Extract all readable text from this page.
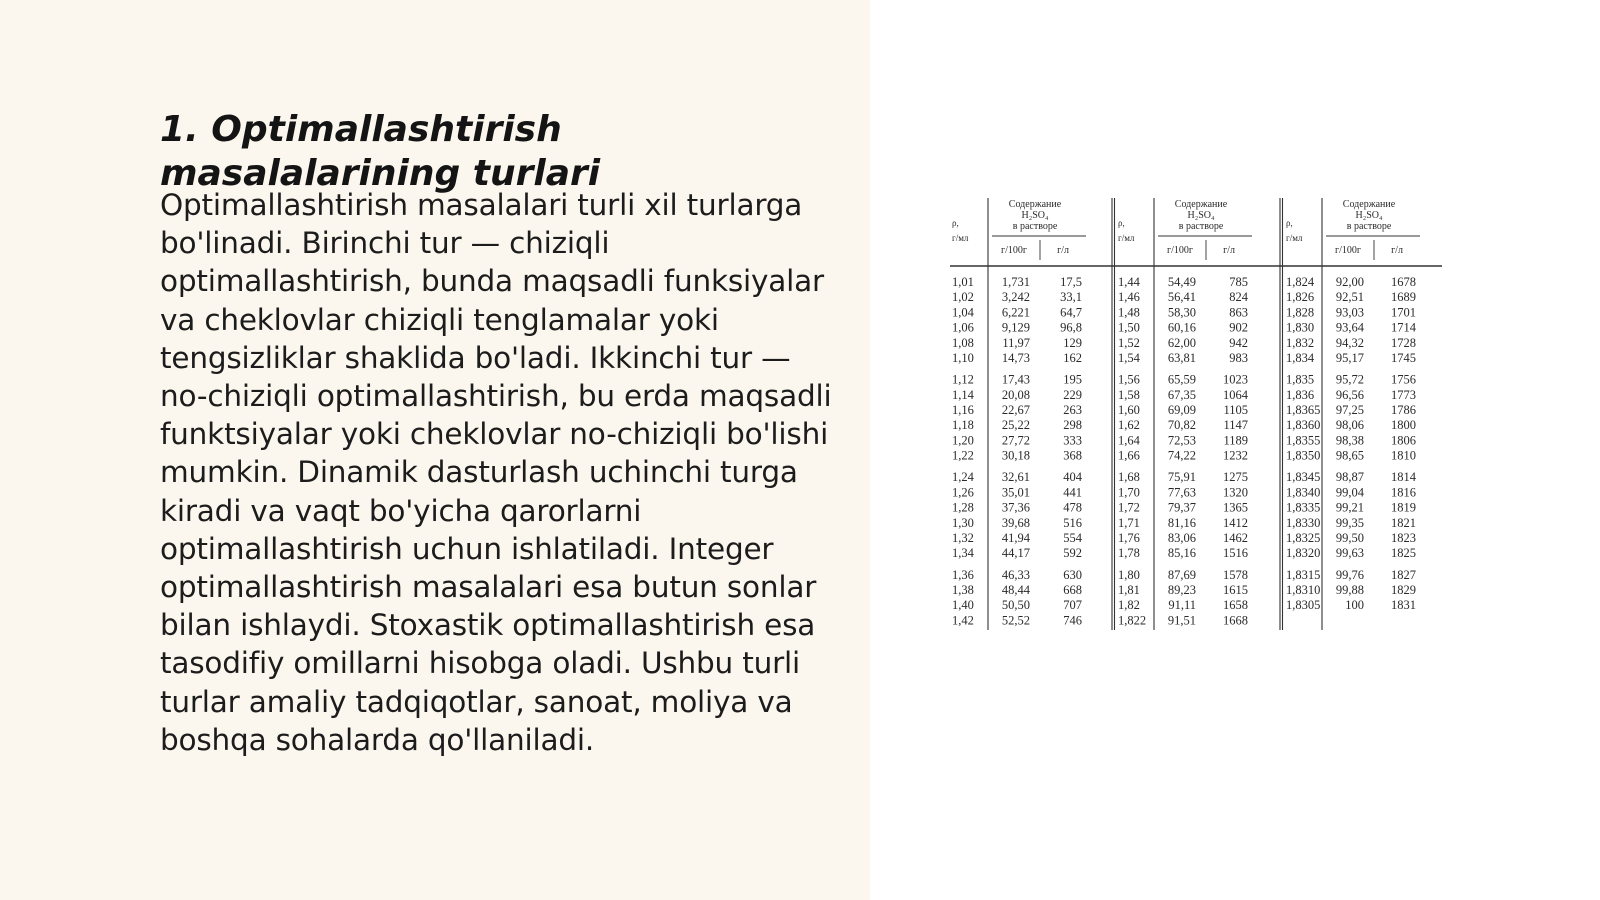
1. Optimallashtirish masalalarining turlari

Optimallashtirish masalalari turli xil turlarga bo'linadi. Birinchi tur — chiziqli optimallashtirish, bunda maqsadli funksiyalar va cheklovlar chiziqli tenglamalar yoki tengsizliklar shaklida bo'ladi. Ikkinchi tur — no-chiziqli optimallashtirish, bu erda maqsadli funktsiyalar yoki cheklovlar no-chiziqli bo'lishi mumkin. Dinamik dasturlash uchinchi turga kiradi va vaqt bo'yicha qarorlarni optimallashtirish uchun ishlatiladi. Integer optimallashtirish masalalari esa butun sonlar bilan ishlaydi. Stoxastik optimallashtirish esa tasodifiy omillarni hisobga oladi. Ushbu turli turlar amaliy tadqiqotlar, sanoat, moliya va boshqa sohalarda qo'llaniladi.

ρ,
г/мл
Содержание
H₂SO₄
в растворе
г/100г	г/л
1,01 1,731 17,5
1,02 3,242 33,1
1,04 6,221 64,7
1,06 9,129 96,8
1,08 11,97	129
1,10 14,73	162
1,12 17,43	195
1,14 20,08	229
1,16 22,67	263
1,18 25,22	298
1,20 27,72	333
1,22 30,18	368
1,24 32,61	404
1,26 35,01	441
1,28 37,36	478
1,30 39,68	516
1,32 41,94	554
1,34 44,17	592
1,36 46,33	630
1,38 48,44	668
1,40 50,50	707
1,42 52,52	746
ρ,
г/мл
Содержание
H₂SO₄
в растворе
г/100г	г/л
1,44 54,49	785
1,46 56,41	824
1,48 58,30	863
1,50 60,16	902
1,52 62,00	942
1,54 63,81	983
1,56 65,59 1023
1,58 67,35 1064
1,60 69,09 1105
1,62 70,82 1147
1,64 72,53 1189
1,66 74,22 1232
1,68 75,91 1275
1,70 77,63 1320
1,72 79,37 1365
1,71 81,16 1412
1,76 83,06 1462
1,78 85,16 1516
1,80 87,69 1578
1,81 89,23 1615
1,82 91,11 1658
1,822 91,51 1668
ρ,
г/мл
Содержание
H₂SO₄
в растворе
г/100г	г/л
1,824 92,00 1678
1,826 92,51 1689
1,828 93,03 1701
1,830 93,64 1714
1,832 94,32 1728
1,834 95,17 1745
1,835 95,72 1756
1,836 96,56 1773
1,8365 97,25 1786
1,8360 98,06 1800
1,8355 98,38 1806
1,8350 98,65 1810
1,8345 98,87 1814
1,8340 99,04 1816
1,8335 99,21 1819
1,8330 99,35 1821
1,8325 99,50 1823
1,8320 99,63 1825
1,8315 99,76 1827
1,8310 99,88 1829
1,8305 100 1831
